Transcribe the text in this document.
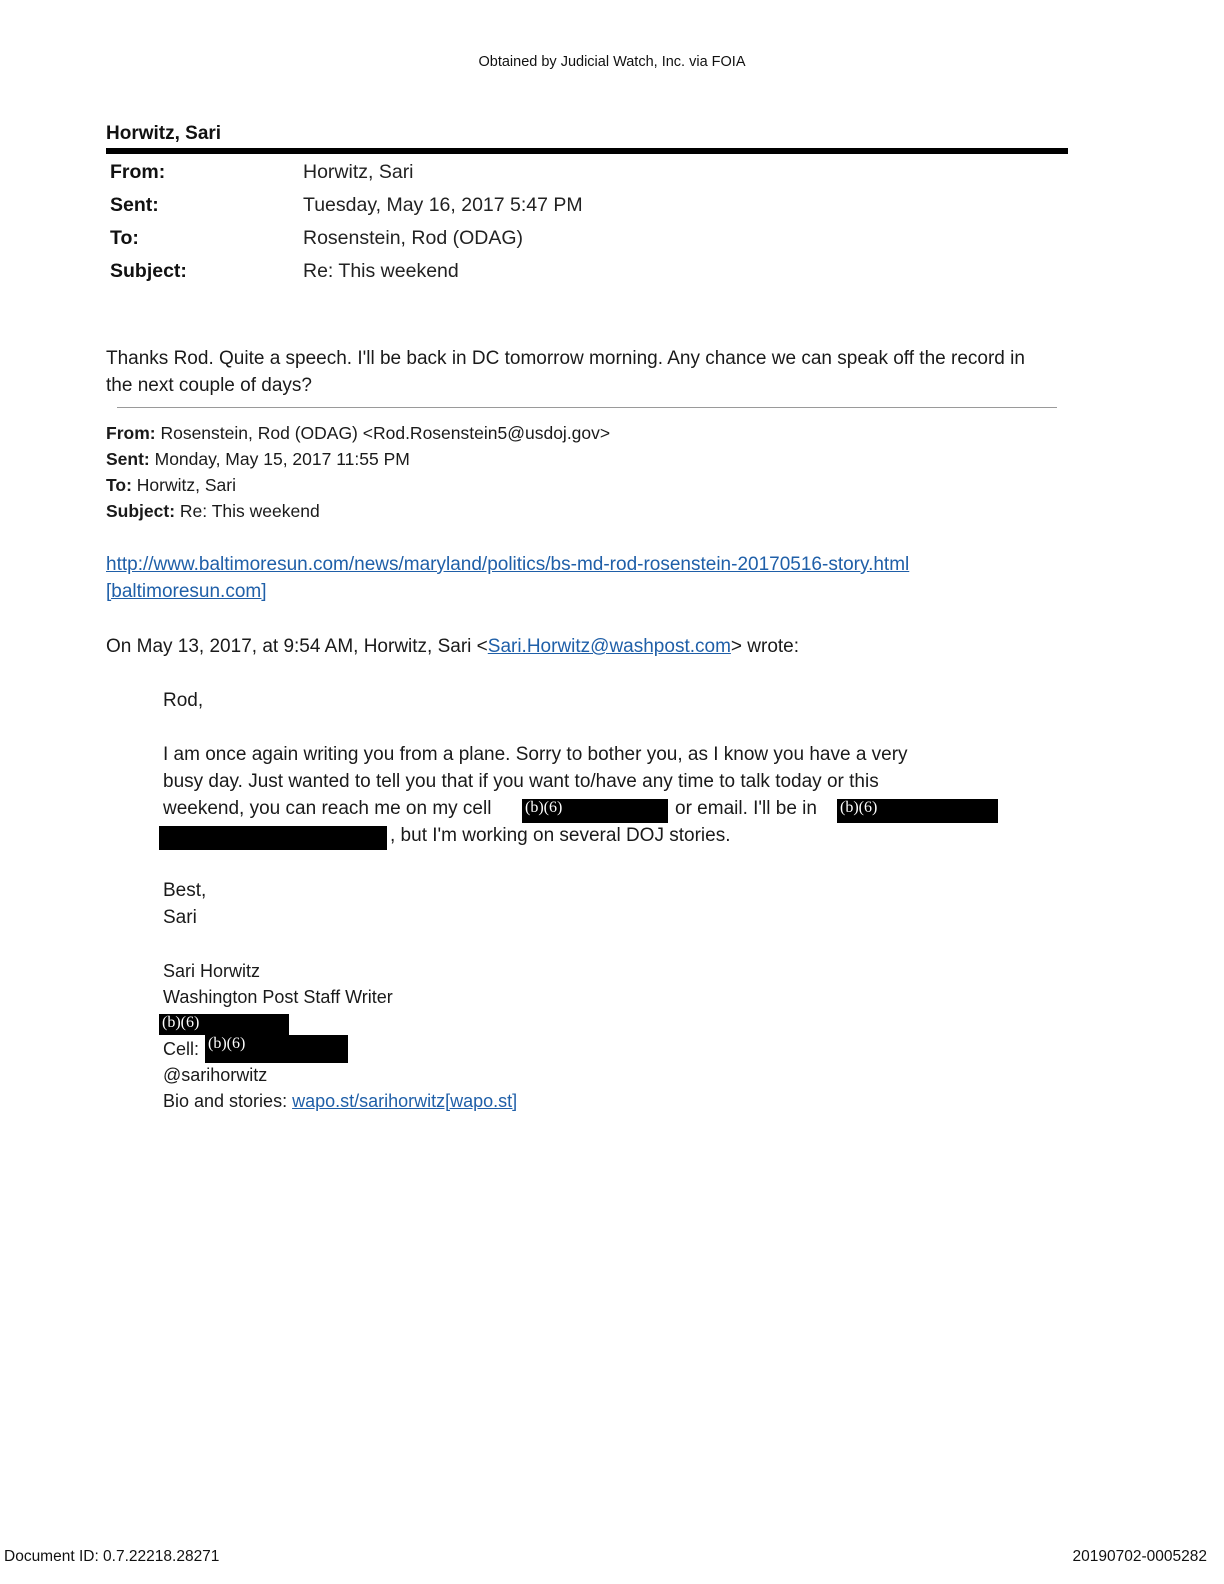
Obtained by Judicial Watch, Inc. via FOIA
Horwitz, Sari
From:	Horwitz, Sari
Sent:	Tuesday, May 16, 2017 5:47 PM
To:	Rosenstein, Rod (ODAG)
Subject:	Re: This weekend
Thanks Rod. Quite a speech. I'll be back in DC tomorrow morning. Any chance we can speak off the record in the next couple of days?
From: Rosenstein, Rod (ODAG) <Rod.Rosenstein5@usdoj.gov>
Sent: Monday, May 15, 2017 11:55 PM
To: Horwitz, Sari
Subject: Re: This weekend
http://www.baltimoresun.com/news/maryland/politics/bs-md-rod-rosenstein-20170516-story.html
[baltimoresun.com]
On May 13, 2017, at 9:54 AM, Horwitz, Sari <Sari.Horwitz@washpost.com> wrote:
Rod,
I am once again writing you from a plane. Sorry to bother you, as I know you have a very
busy day. Just wanted to tell you that if you want to/have any time to talk today or this
weekend, you can reach me on my cell (b)(6)	or email. I'll be in (b)(6)
, but I'm working on several DOJ stories.
Best,
Sari
Sari Horwitz
Washington Post Staff Writer
(b)(6)
Cell: (b)(6)
@sarihorwitz
Bio and stories: wapo.st/sarihorwitz[wapo.st]
Document ID: 0.7.22218.28271	20190702-0005282
